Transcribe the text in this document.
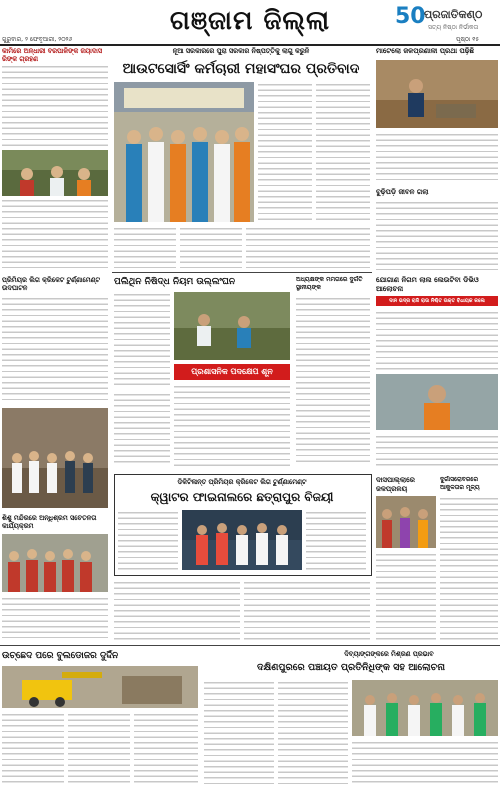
ଗଞ୍ଜାମ ଜିଲ୍ଲା	50
ପ୍ରଜାତିକଣ୍ଠ
ସତ୍ୟ ନିଷ୍ଠା ନିର୍ଭୀକତା
ଗୁରୁବାର, ୨ ଫେବୃଆରୀ, ୨୦୨୬	ପୃଷ୍ଠା ୧୫
କାମିରେ ଅନ୍ଧାରୀ ବରପାଳିଙ୍କ ଜୟାଦାସ ରିଙ୍କ ଗ୍ରହଣ
ପ୍ରିମିୟର ଲିଗ କ୍ରିକେଟ ଟୁର୍ଣ୍ଣାମେଣ୍ଟ ଉଦଘାଟନ
ଶିଶୁ ମନ୍ଦିରରେ ଅନ୍ଧିଶ୍ରମ ସଚେତନତା କାର୍ଯ୍ୟକ୍ରମ
ନୂଆ ସରକାରରେ ପୁରା ସରକାର ନିଷ୍ପତ୍ତିକୁ ଲାଗୁ କରୁନି
ଆଉଟସୋର୍ସିଂ କର୍ମଚାରୀ ମହାସଂଘର ପ୍ରତିବାଦ
ମାଟେଲୋ ଜଳପ୍ରଣାଳୀ ପ୍ରଥା ପଢ଼ିଛି
ବୁଢ଼ିପଡ଼ି ଜୀବନ ଗଲା
ପଲିଥିନ ନିଷିଦ୍ଧ ନିୟମ ଉଲ୍ଲଂଘନ	ଅଧ୍ୟକ୍ଷଙ୍କ ମମତାରେ ଦୁର୍ଗତି ସ୍ଥାନୀୟଙ୍କ
ପ୍ରଶାସନିକ ପଦକ୍ଷେପ ଶୂନ
ଯୋଗାଣ ନିଗମ ଲାଲ ଲେଉଟିବା ଡିଭିଓ ଆଲୋଚନା
ଦାନ ଭଦ୍ର ରାଜି ରାଉ ନିଶ୍ଚିତ ଉକ୍ତ ବିଧାୟକ କଲେ
ଡିକିଟିଳାନ୍ତ ପ୍ରିମିୟର କ୍ରିକେଟ ଲିଗ ଟୁର୍ଣ୍ଣାମେଣ୍ଟ
କ୍ୱାଟର ଫାଇନାଲରେ ଛତ୍ରାପୁର ବିଜୟୀ
ଦାସପାଲ୍ଲାରେ ଜଳପ୍ରଳୟ
ଦୁର୍ଗାସରୋବରରେ ଆକୁଳତାର ମୂଳ୍ୟ
ଉଚ୍ଛେଦ ପରେ ବୁଲଡୋଜର ଦୁର୍ଦ୍ଦିନ	ଦିବ୍ୟାଙ୍ଗଙ୍କରେ ମିଶ୍ରଣ ପ୍ରଭାବ
ଦକ୍ଷିଣପୁରରେ ପଞ୍ଚାୟତ ପ୍ରତିନିଧିଙ୍କ ସହ ଆଲୋଚନା
